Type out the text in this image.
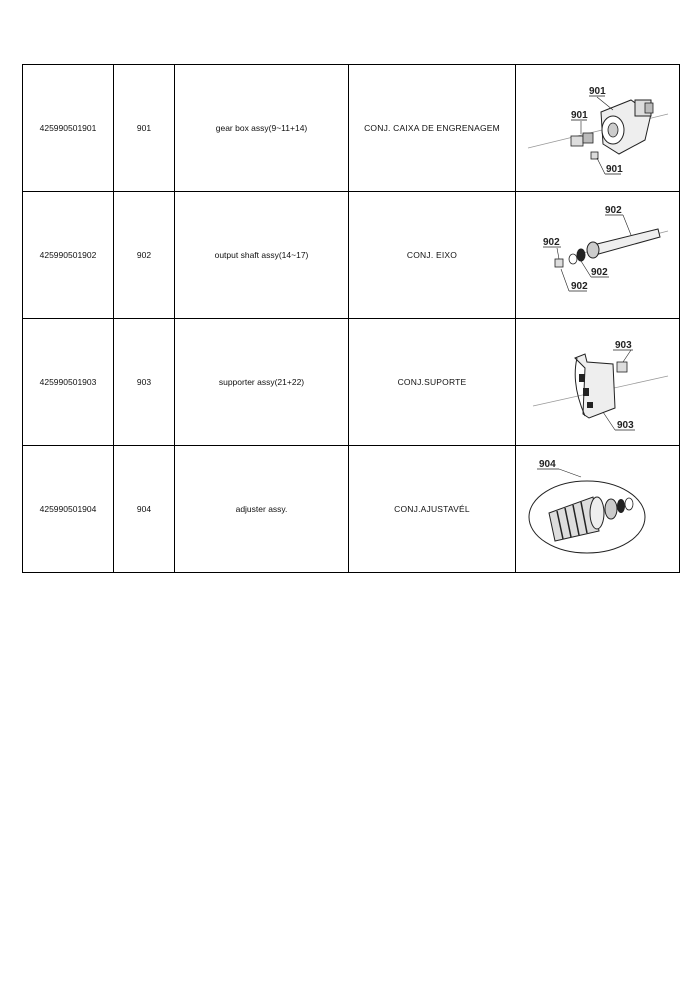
425990501901	901	gear box assy(9~11+14)	CONJ. CAIXA DE ENGRENAGEM	901
901
901

425990501902	902	output shaft assy(14~17)	CONJ. EIXO	902
902
902
902

425990501903	903	supporter assy(21+22)	CONJ.SUPORTE	903
903

425990501904	904	adjuster assy.	CONJ.AJUSTAVÉL	904
